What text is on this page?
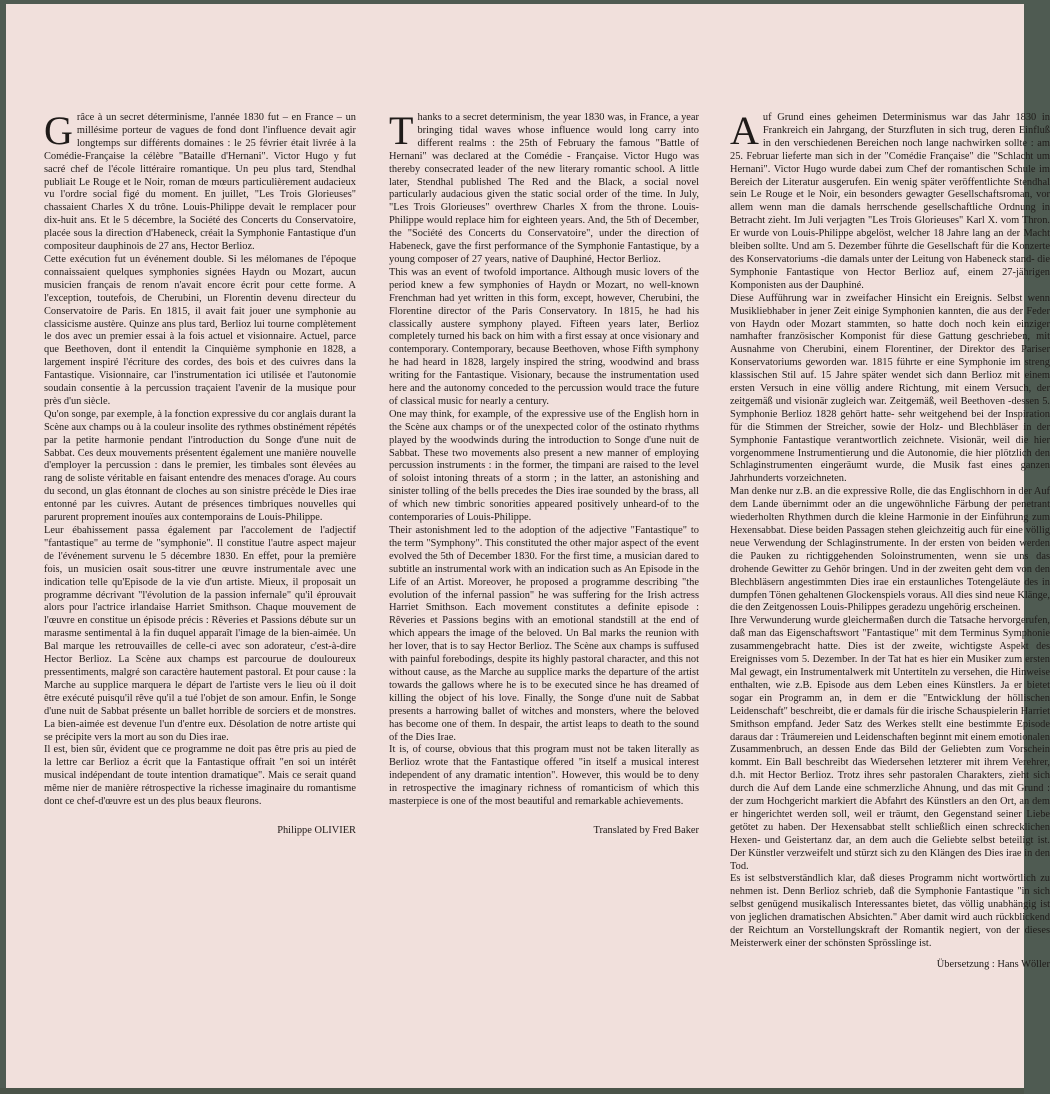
Grâce à un secret déterminisme, l'année 1830 fut – en France – un millésime porteur de vagues de fond dont l'influence devait agir longtemps sur différents domaines : le 25 février était livrée à la Comédie-Française la célèbre "Bataille d'Hernani". Victor Hugo y fut sacré chef de l'école littéraire romantique. Un peu plus tard, Stendhal publiait Le Rouge et le Noir, roman de mœurs particulièrement audacieux vu l'ordre social figé du moment. En juillet, "Les Trois Glorieuses" chassaient Charles X du trône. Louis-Philippe devait le remplacer pour dix-huit ans. Et le 5 décembre, la Société des Concerts du Conservatoire, placée sous la direction d'Habeneck, créait la Symphonie Fantastique d'un compositeur dauphinois de 27 ans, Hector Berlioz.

Cette exécution fut un événement double. Si les mélomanes de l'époque connaissaient quelques symphonies signées Haydn ou Mozart, aucun musicien français de renom n'avait encore écrit pour cette forme. A l'exception, toutefois, de Cherubini, un Florentin devenu directeur du Conservatoire de Paris. En 1815, il avait fait jouer une symphonie au classicisme austère. Quinze ans plus tard, Berlioz lui tourne complètement le dos avec un premier essai à la fois actuel et visionnaire. Actuel, parce que Beethoven, dont il entendit la Cinquième symphonie en 1828, a largement inspiré l'écriture des cordes, des bois et des cuivres dans la Fantastique. Visionnaire, car l'instrumentation ici utilisée et l'autonomie soudain consentie à la percussion traçaient l'avenir de la musique pour près d'un siècle.

Qu'on songe, par exemple, à la fonction expressive du cor anglais durant la Scène aux champs ou à la couleur insolite des rythmes obstinément répétés par la petite harmonie pendant l'introduction du Songe d'une nuit de Sabbat. Ces deux mouvements présentent également une manière nouvelle d'employer la percussion : dans le premier, les timbales sont élevées au rang de soliste véritable en faisant entendre des menaces d'orage. Au cours du second, un glas étonnant de cloches au son sinistre précède le Dies irae entonné par les cuivres. Autant de présences timbriques nouvelles qui parurent proprement inouïes aux contemporains de Louis-Philippe.

Leur ébahissement passa également par l'accolement de l'adjectif "fantastique" au terme de "symphonie". Il constitue l'autre aspect majeur de l'événement survenu le 5 décembre 1830. En effet, pour la première fois, un musicien osait sous-titrer une œuvre instrumentale avec une indication telle qu'Episode de la vie d'un artiste. Mieux, il proposait un programme décrivant "l'évolution de la passion infernale" qu'il éprouvait alors pour l'actrice irlandaise Harriet Smithson. Chaque mouvement de l'œuvre en constitue un épisode précis : Rêveries et Passions débute sur un marasme sentimental à la fin duquel apparaît l'image de la bien-aimée. Un Bal marque les retrouvailles de celle-ci avec son adorateur, c'est-à-dire Hector Berlioz. La Scène aux champs est parcourue de douloureux pressentiments, malgré son caractère hautement pastoral. Et pour cause : la Marche au supplice marquera le départ de l'artiste vers le lieu où il doit être exécuté puisqu'il rêve qu'il a tué l'objet de son amour. Enfin, le Songe d'une nuit de Sabbat présente un ballet horrible de sorciers et de monstres. La bien-aimée est devenue l'un d'entre eux. Désolation de notre artiste qui se précipite vers la mort au son du Dies irae.

Il est, bien sûr, évident que ce programme ne doit pas être pris au pied de la lettre car Berlioz a écrit que la Fantastique offrait "en soi un intérêt musical indépendant de toute intention dramatique". Mais ce serait quand même nier de manière rétrospective la richesse imaginaire du romantisme dont ce chef-d'œuvre est un des plus beaux fleurons.

Philippe OLIVIER

Thanks to a secret determinism, the year 1830 was, in France, a year bringing tidal waves whose influence would long carry into different realms : the 25th of February the famous "Battle of Hernani" was declared at the Comédie - Française. Victor Hugo was thereby consecrated leader of the new literary romantic school. A little later, Stendhal published The Red and the Black, a social novel particularly audacious given the static social order of the time. In July, "Les Trois Glorieuses" overthrew Charles X from the throne. Louis-Philippe would replace him for eighteen years. And, the 5th of December, the "Société des Concerts du Conservatoire", under the direction of Habeneck, gave the first performance of the Symphonie Fantastique, by a young composer of 27 years, native of Dauphiné, Hector Berlioz.

This was an event of twofold importance. Although music lovers of the period knew a few symphonies of Haydn or Mozart, no well-known Frenchman had yet written in this form, except, however, Cherubini, the Florentine director of the Paris Conservatory. In 1815, he had his classically austere symphony played. Fifteen years later, Berlioz completely turned his back on him with a first essay at once visionary and contemporary. Contemporary, because Beethoven, whose Fifth symphony he had heard in 1828, largely inspired the string, woodwind and brass writing for the Fantastique. Visionary, because the instrumentation used here and the autonomy conceded to the percussion would trace the future of classical music for nearly a century.

One may think, for example, of the expressive use of the English horn in the Scène aux champs or of the unexpected color of the ostinato rhythms played by the woodwinds during the introduction to Songe d'une nuit de Sabbat. These two movements also present a new manner of employing percussion instruments : in the former, the timpani are raised to the level of soloist intoning threats of a storm ; in the latter, an astonishing and sinister tolling of the bells precedes the Dies irae sounded by the brass, all of which new timbric sonorities appeared positively unheard-of to the contemporaries of Louis-Philippe.

Their astonishment led to the adoption of the adjective "Fantastique" to the term "Symphony". This constituted the other major aspect of the event evolved the 5th of December 1830. For the first time, a musician dared to subtitle an instrumental work with an indication such as An Episode in the Life of an Artist. Moreover, he proposed a programme describing "the evolution of the infernal passion" he was suffering for the Irish actress Harriet Smithson. Each movement constitutes a definite episode : Rêveries et Passions begins with an emotional standstill at the end of which appears the image of the beloved. Un Bal marks the reunion with her lover, that is to say Hector Berlioz. The Scène aux champs is suffused with painful forebodings, despite its highly pastoral character, and this not without cause, as the Marche au supplice marks the departure of the artist towards the gallows where he is to be executed since he has dreamed of killing the object of his love. Finally, the Songe d'une nuit de Sabbat presents a harrowing ballet of witches and monsters, where the beloved has become one of them. In despair, the artist leaps to death to the sound of the Dies Irae.

It is, of course, obvious that this program must not be taken literally as Berlioz wrote that the Fantastique offered "in itself a musical interest independent of any dramatic intention". However, this would be to deny in retrospective the imaginary richness of romanticism of which this masterpiece is one of the most beautiful and remarkable achievements.

Translated by Fred Baker

Auf Grund eines geheimen Determinismus war das Jahr 1830 in Frankreich ein Jahrgang, der Sturzfluten in sich trug, deren Einfluß in den verschiedenen Bereichen noch lange nachwirken sollte : am 25. Februar lieferte man sich in der "Comédie Française" die "Schlacht um Hernani". Victor Hugo wurde dabei zum Chef der romantischen Schule im Bereich der Literatur ausgerufen. Ein wenig später veröffentlichte Stendhal sein Le Rouge et le Noir, ein besonders gewagter Gesellschaftsroman, vor allem wenn man die damals herrschende gesellschaftliche Ordnung in Betracht zieht. Im Juli verjagten "Les Trois Glorieuses" Karl X. vom Thron. Er wurde von Louis-Philippe abgelöst, welcher 18 Jahre lang an der Macht bleiben sollte. Und am 5. Dezember führte die Gesellschaft für die Konzerte des Konservatoriums -die damals unter der Leitung von Habeneck stand- die Symphonie Fantastique von Hector Berlioz auf, einem 27-jährigen Komponisten aus der Dauphiné.

Diese Aufführung war in zweifacher Hinsicht ein Ereignis. Selbst wenn Musikliebhaber in jener Zeit einige Symphonien kannten, die aus der Feder von Haydn oder Mozart stammten, so hatte doch noch kein einziger namhafter französischer Komponist für diese Gattung geschrieben, mit Ausnahme von Cherubini, einem Florentiner, der Direktor des Pariser Konservatoriums geworden war. 1815 führte er eine Symphonie im streng klassischen Stil auf. 15 Jahre später wendet sich dann Berlioz mit einem ersten Versuch in eine völlig andere Richtung, mit einem Versuch, der zeitgemäß und visionär zugleich war. Zeitgemäß, weil Beethoven -dessen 5. Symphonie Berlioz 1828 gehört hatte- sehr weitgehend bei der Inspiration für die Stimmen der Streicher, sowie der Holz- und Blechbläser in der Symphonie Fantastique verantwortlich zeichnete. Visionär, weil die hier vorgenommene Instrumentierung und die Autonomie, die hier plötzlich den Schlaginstrumenten eingeräumt wurde, die Musik fast eines ganzen Jahrhunderts vorzeichneten.

Man denke nur z.B. an die expressive Rolle, die das Englischhorn in der Auf dem Lande übernimmt oder an die ungewöhnliche Färbung der penetrant wiederholten Rhythmen durch die kleine Harmonie in der Einführung zum Hexensabbat. Diese beiden Passagen stehen gleichzeitig auch für eine völlig neue Verwendung der Schlaginstrumente. In der ersten von beiden werden die Pauken zu richtiggehenden Soloinstrumenten, wenn sie uns das drohende Gewitter zu Gehör bringen. Und in der zweiten geht dem von den Blechbläsern angestimmten Dies irae ein erstaunliches Totengeläute des in dumpfen Tönen gehaltenen Glockenspiels voraus. All dies sind neue Klänge, die den Zeitgenossen Louis-Philippes geradezu ungehörig erscheinen.

Ihre Verwunderung wurde gleichermaßen durch die Tatsache hervorgerufen, daß man das Eigenschaftswort "Fantastique" mit dem Terminus Symphonie zusammengebracht hatte. Dies ist der zweite, wichtigste Aspekt des Ereignisses vom 5. Dezember. In der Tat hat es hier ein Musiker zum ersten Mal gewagt, ein Instrumentalwerk mit Untertiteln zu versehen, die Hinweise enthalten, wie z.B. Episode aus dem Leben eines Künstlers. Ja er bietet sogar ein Programm an, in dem er die "Entwicklung der höllischen Leidenschaft" beschreibt, die er damals für die irische Schauspielerin Harriet Smithson empfand. Jeder Satz des Werkes stellt eine bestimmte Episode daraus dar : Träumereien und Leidenschaften beginnt mit einem emotionalen Zusammenbruch, an dessen Ende das Bild der Geliebten zum Vorschein kommt. Ein Ball beschreibt das Wiedersehen letzterer mit ihrem Verehrer, d.h. mit Hector Berlioz. Trotz ihres sehr pastoralen Charakters, zieht sich durch die Auf dem Lande eine schmerzliche Ahnung, und das mit Grund : der zum Hochgericht markiert die Abfahrt des Künstlers an den Ort, an dem er hingerichtet werden soll, weil er träumt, den Gegenstand seiner Liebe getötet zu haben. Der Hexensabbat stellt schließlich einen schrecklichen Hexen- und Geistertanz dar, an dem auch die Geliebte selbst beteiligt ist. Der Künstler verzweifelt und stürzt sich zu den Klängen des Dies irae in den Tod.

Es ist selbstverständlich klar, daß dieses Programm nicht wortwörtlich zu nehmen ist. Denn Berlioz schrieb, daß die Symphonie Fantastique "in sich selbst genügend musikalisch Interessantes bietet, das völlig unabhängig ist von jeglichen dramatischen Absichten." Aber damit wird auch rückblickend der Reichtum an Vorstellungskraft der Romantik negiert, von der dieses Meisterwerk einer der schönsten Sprösslinge ist.

Übersetzung : Hans Wöller
